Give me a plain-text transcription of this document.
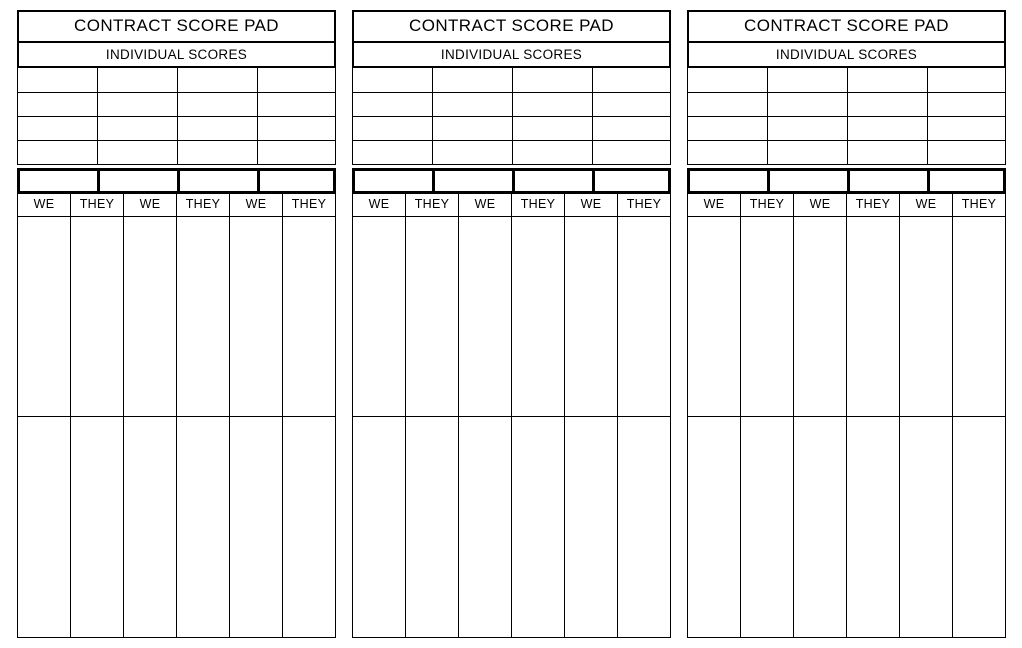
CONTRACT SCORE PAD
INDIVIDUAL SCORES
WE	THEY	WE	THEY	WE	THEY
CONTRACT SCORE PAD
INDIVIDUAL SCORES
WE	THEY	WE	THEY	WE	THEY
CONTRACT SCORE PAD
INDIVIDUAL SCORES
WE	THEY	WE	THEY	WE	THEY
